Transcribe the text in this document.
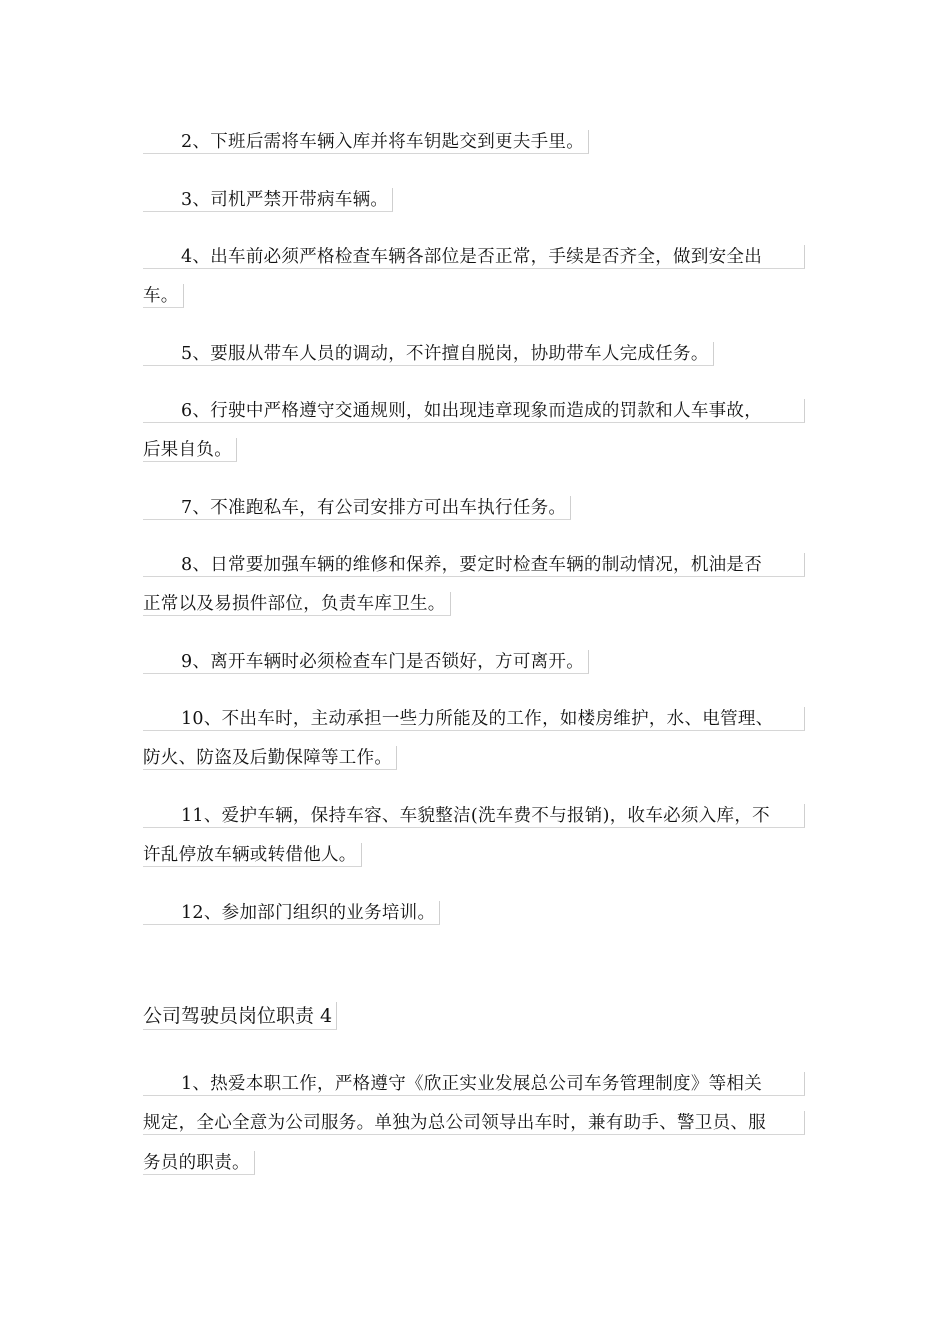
2、下班后需将车辆入库并将车钥匙交到更夫手里。
3、司机严禁开带病车辆。
4、出车前必须严格检查车辆各部位是否正常，手续是否齐全，做到安全出
车。
5、要服从带车人员的调动，不许擅自脱岗，协助带车人完成任务。
6、行驶中严格遵守交通规则，如出现违章现象而造成的罚款和人车事故，
后果自负。
7、不准跑私车，有公司安排方可出车执行任务。
8、日常要加强车辆的维修和保养，要定时检查车辆的制动情况，机油是否
正常以及易损件部位，负责车库卫生。
9、离开车辆时必须检查车门是否锁好，方可离开。
10、不出车时，主动承担一些力所能及的工作，如楼房维护，水、电管理、
防火、防盗及后勤保障等工作。
11、爱护车辆，保持车容、车貌整洁(洗车费不与报销)，收车必须入库，不
许乱停放车辆或转借他人。
12、参加部门组织的业务培训。
公司驾驶员岗位职责 4
1、热爱本职工作，严格遵守《欣正实业发展总公司车务管理制度》等相关
规定，全心全意为公司服务。单独为总公司领导出车时，兼有助手、警卫员、服
务员的职责。
